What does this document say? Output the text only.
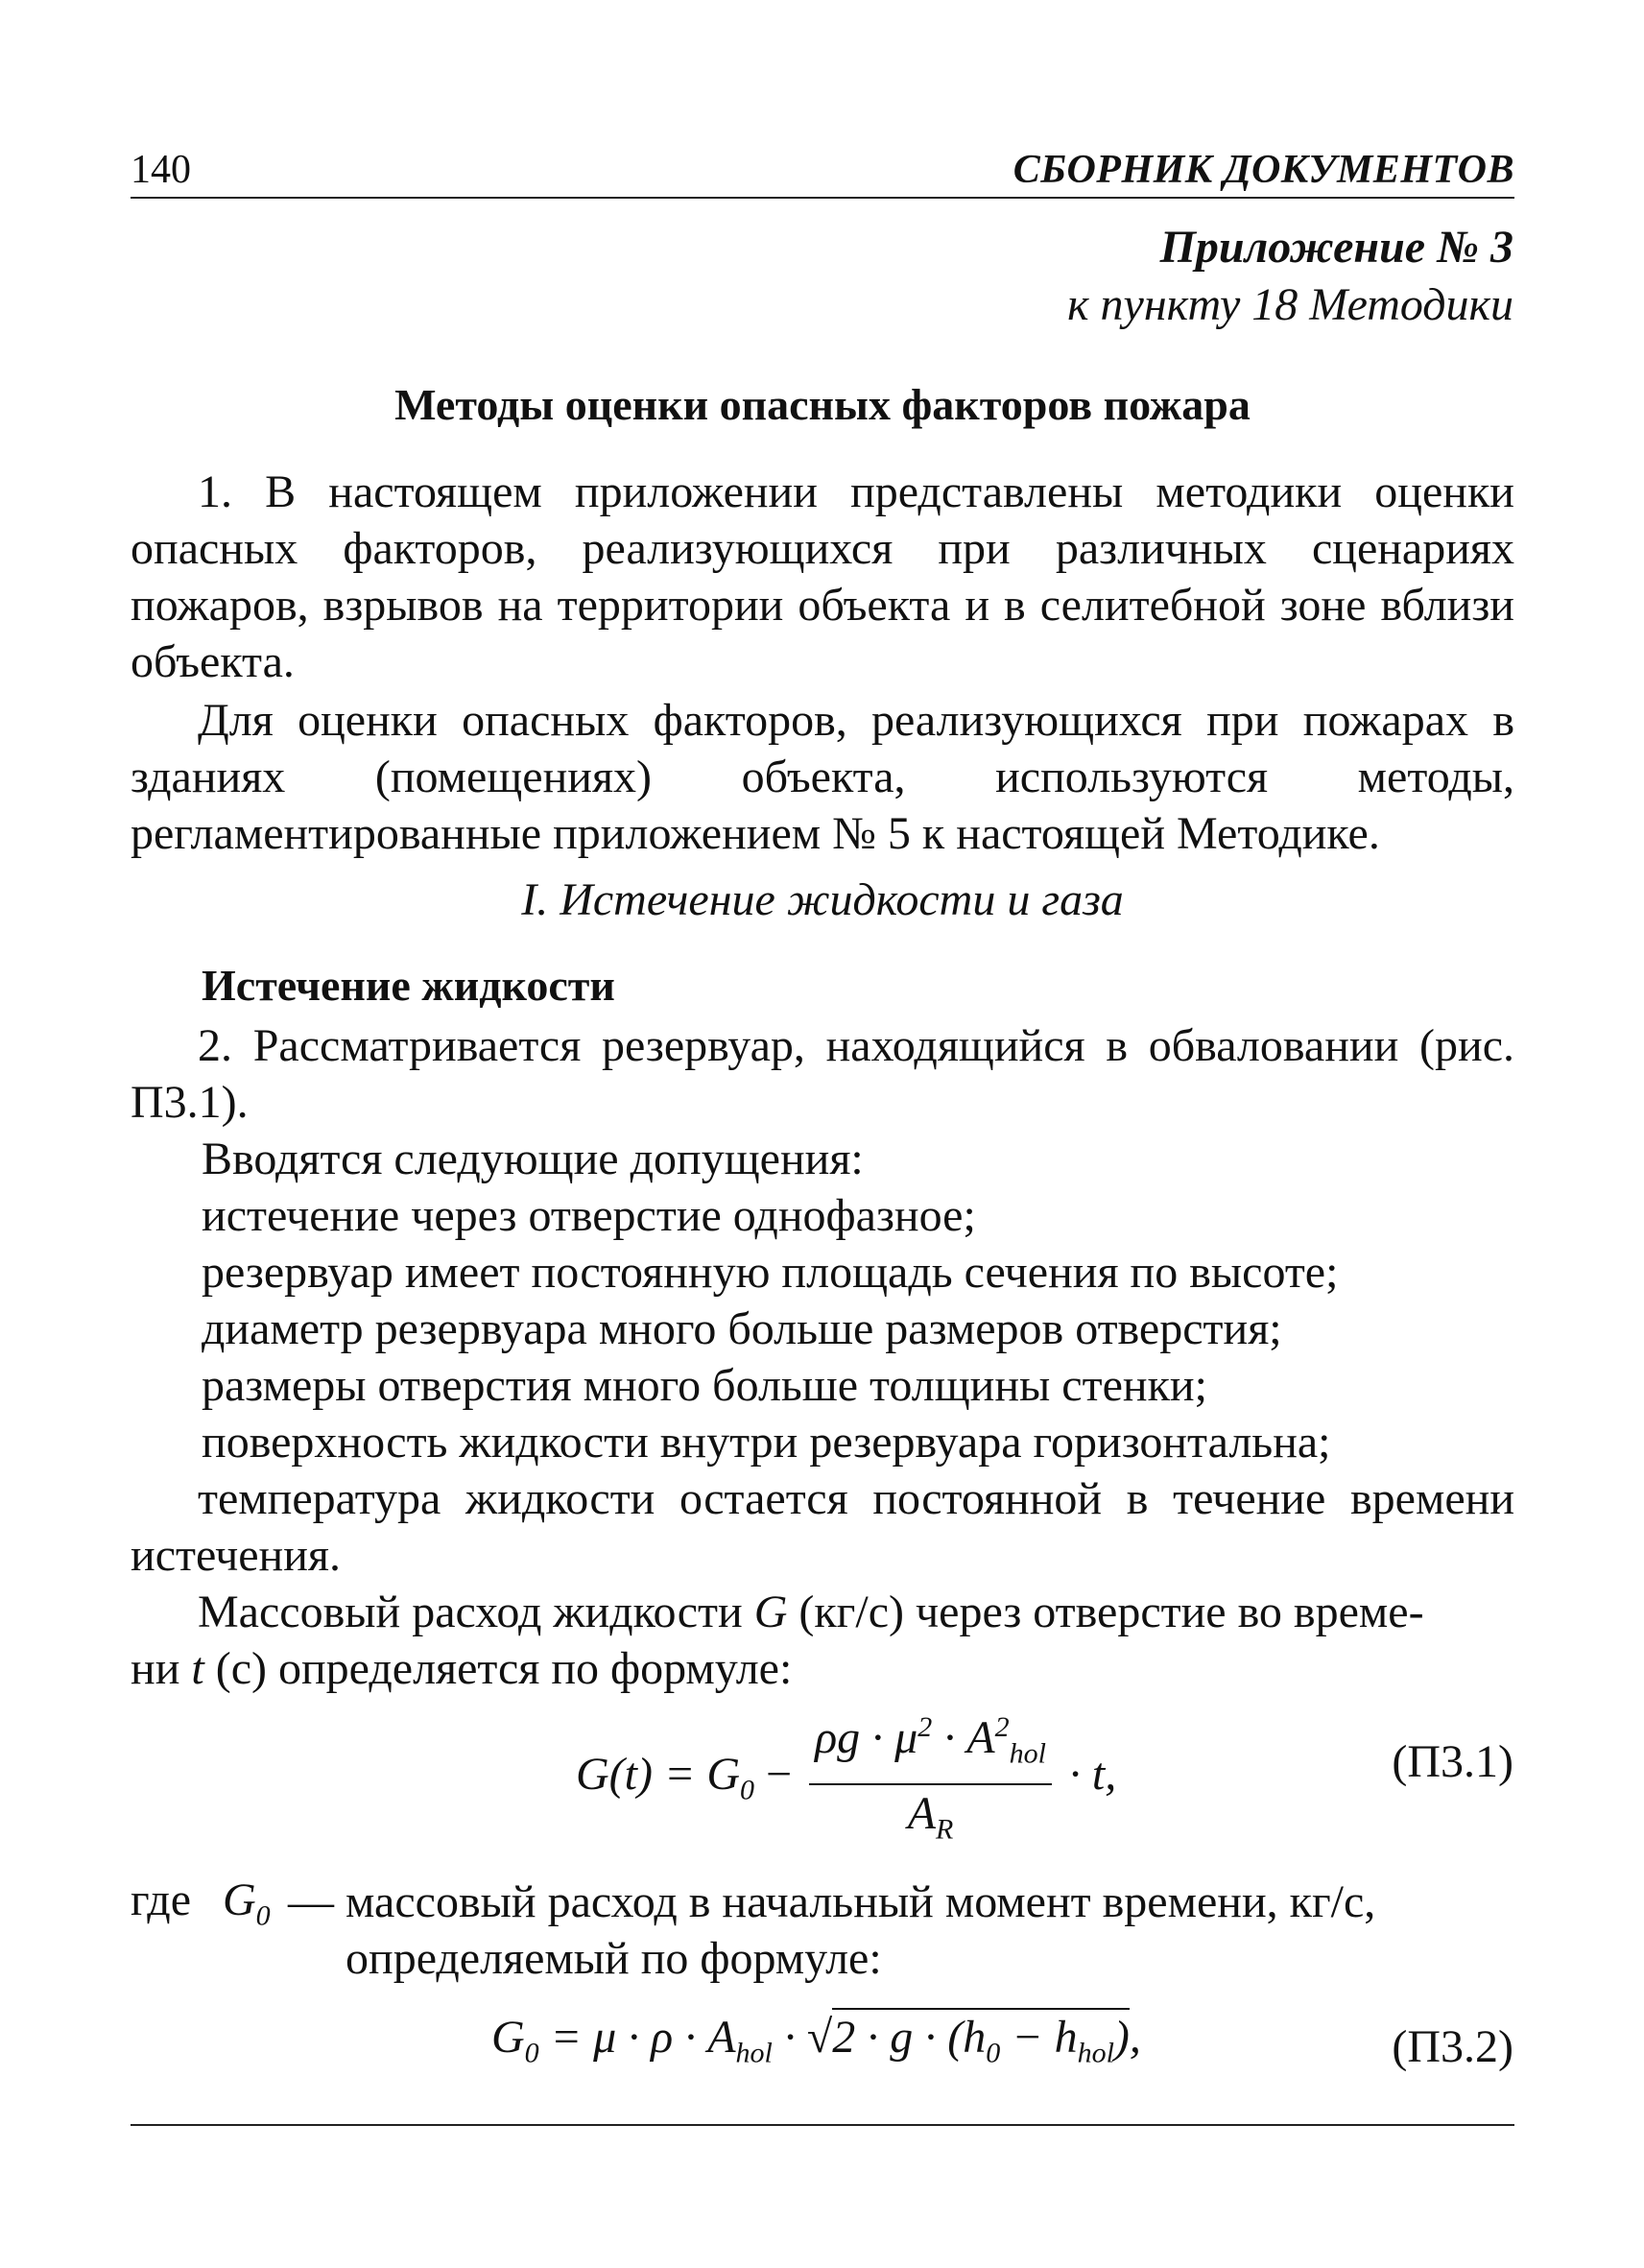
140	СБОРНИК ДОКУМЕНТОВ
Приложение № 3
к пункту 18 Методики
Методы оценки опасных факторов пожара
1. В настоящем приложении представлены методики оценки опасных факторов, реализующихся при различных сценариях пожаров, взрывов на территории объекта и в селитебной зоне вблизи объекта.
Для оценки опасных факторов, реализующихся при пожарах в зданиях (помещениях) объекта, используются методы, регламентированные приложением № 5 к настоящей Методике.
I. Истечение жидкости и газа
Истечение жидкости
2. Рассматривается резервуар, находящийся в обваловании (рис. П3.1).
Вводятся следующие допущения:
истечение через отверстие однофазное;
резервуар имеет постоянную площадь сечения по высоте;
диаметр резервуара много больше размеров отверстия;
размеры отверстия много больше толщины стенки;
поверхность жидкости внутри резервуара горизонтальна;
температура жидкости остается постоянной в течение времени истечения.
Массовый расход жидкости G (кг/с) через отверстие во време-
ни t (с) определяется по формуле:
$G(t) = G_0 - \frac{\rho g \cdot \mu^2 \cdot A^2_{hol}}{A_R} \cdot t$,	(П3.1)
где $G_0$ — массовый расход в начальный момент времени, кг/с,
определяемый по формуле:
$G_0 = \mu \cdot \rho \cdot A_{hol} \cdot √2 \cdot g \cdot (h_0 - h_{hol})$,	(П3.2)
